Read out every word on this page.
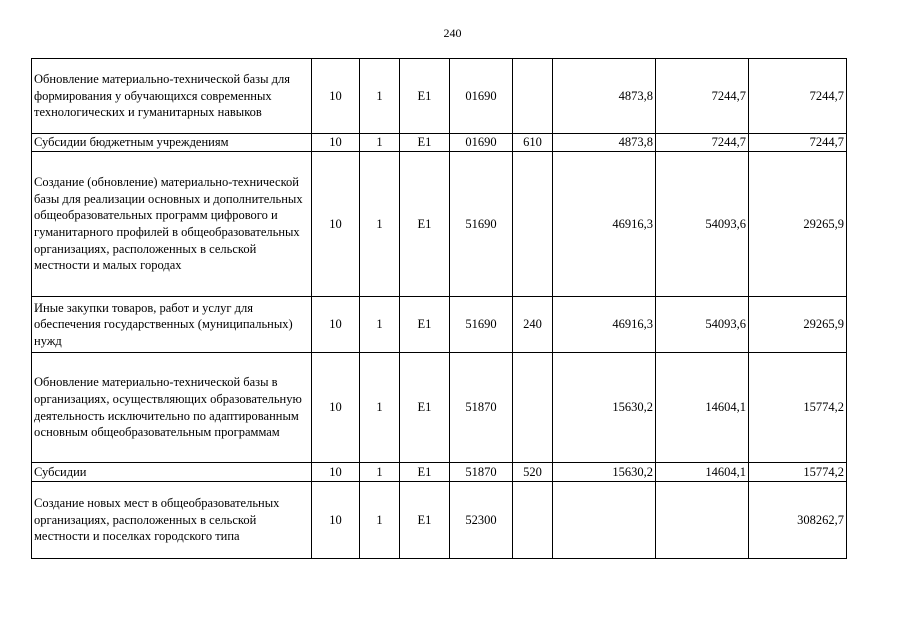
240
Обновление материально-технической базы для формирования у обучающихся современных технологических и гуманитарных навыков	10	1	E1	01690		4873,8	7244,7	7244,7
Субсидии бюджетным учреждениям	10	1	E1	01690	610	4873,8	7244,7	7244,7
Создание (обновление) материально-технической базы для реализации основных и дополнительных общеобразовательных программ цифрового и гуманитарного профилей в общеобразовательных организациях, расположенных в сельской местности и малых городах	10	1	E1	51690		46916,3	54093,6	29265,9
Иные закупки товаров, работ и услуг для обеспечения государственных (муниципальных) нужд	10	1	E1	51690	240	46916,3	54093,6	29265,9
Обновление материально-технической базы в организациях, осуществляющих образовательную деятельность исключительно по адаптированным основным общеобразовательным программам	10	1	E1	51870		15630,2	14604,1	15774,2
Субсидии	10	1	E1	51870	520	15630,2	14604,1	15774,2
Создание новых мест в общеобразовательных организациях, расположенных в сельской местности и поселках городского типа	10	1	E1	52300				308262,7
